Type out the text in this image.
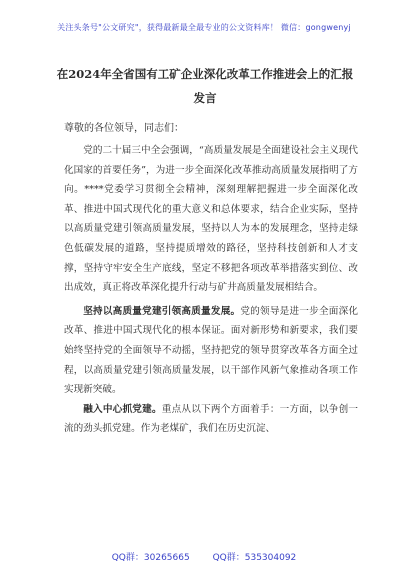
关注头条号"公文研究"，获得最新最全最专业的公文资料库！ 微信：gongwenyj
在2024年全省国有工矿企业深化改革工作推进会上的汇报
发言
尊敬的各位领导，同志们：

党的二十届三中全会强调，“高质量发展是全面建设社会主义现代化国家的首要任务”，为进一步全面深化改革推动高质量发展指明了方向。****党委学习贯彻全会精神，深刻理解把握进一步全面深化改革、推进中国式现代化的重大意义和总体要求，结合企业实际，坚持以高质量党建引领高质量发展，坚持以人为本的发展理念，坚持走绿色低碳发展的道路，坚持提质增效的路径，坚持科技创新和人才支撑，坚持守牢安全生产底线，坚定不移把各项改革举措落实到位、改出成效，真正将改革深化提升行动与矿井高质量发展相结合。

坚持以高质量党建引领高质量发展。党的领导是进一步全面深化改革、推进中国式现代化的根本保证。面对新形势和新要求，我们要始终坚持党的全面领导不动摇，坚持把党的领导贯穿改革各方面全过程，以高质量党建引领高质量发展，以干部作风新气象推动各项工作实现新突破。

融入中心抓党建。重点从以下两个方面着手：一方面，以争创一流的劲头抓党建。作为老煤矿，我们在历史沉淀、

QQ群：30265665	QQ群：535304092
